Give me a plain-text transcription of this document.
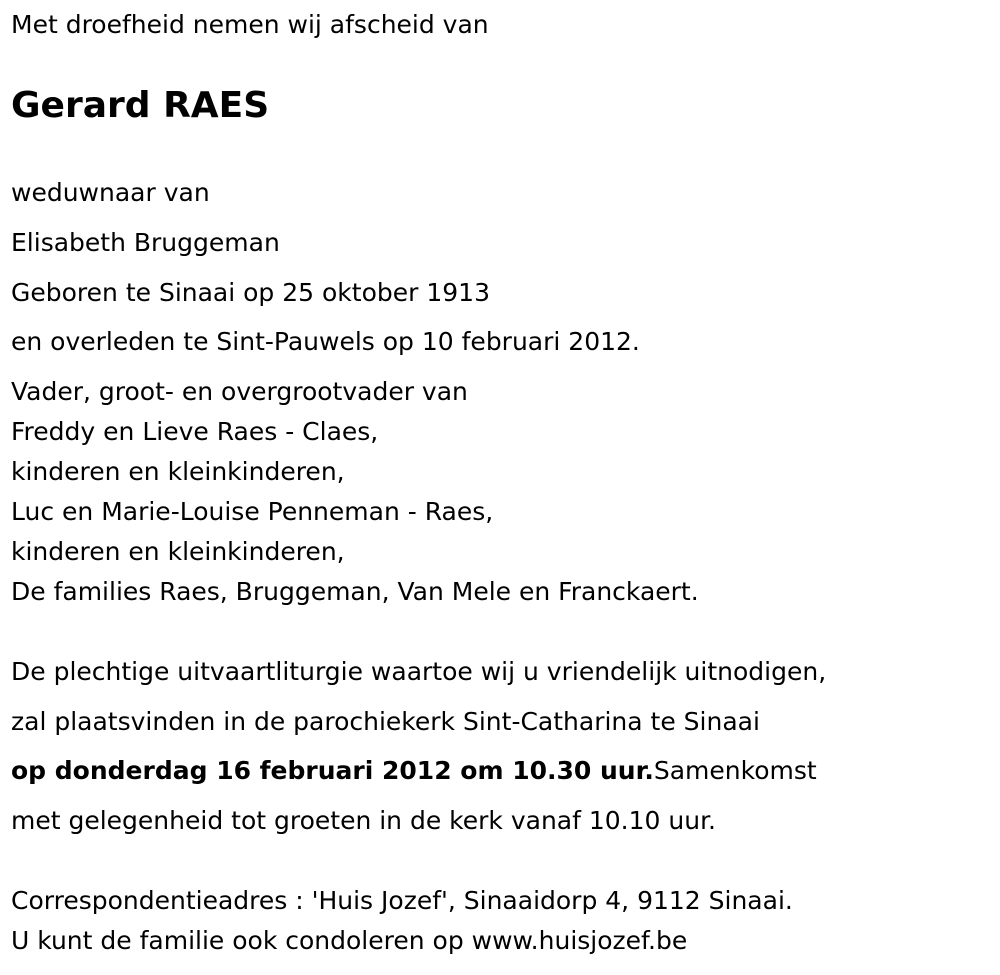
Met droefheid nemen wij afscheid van

Gerard RAES

weduwnaar van

Elisabeth Bruggeman

Geboren te Sinaai op 25 oktober 1913

en overleden te Sint-Pauwels op 10 februari 2012.

Vader, groot- en overgrootvader van

Freddy en Lieve Raes - Claes,

kinderen en kleinkinderen,

Luc en Marie-Louise Penneman - Raes,

kinderen en kleinkinderen,

De families Raes, Bruggeman, Van Mele en Franckaert.

De plechtige uitvaartliturgie waartoe wij u vriendelijk uitnodigen,

zal plaatsvinden in de parochiekerk Sint-Catharina te Sinaai

op donderdag 16 februari 2012 om 10.30 uur.Samenkomst

met gelegenheid tot groeten in de kerk vanaf 10.10 uur.

Correspondentieadres : 'Huis Jozef', Sinaaidorp 4, 9112 Sinaai.

U kunt de familie ook condoleren op www.huisjozef.be
